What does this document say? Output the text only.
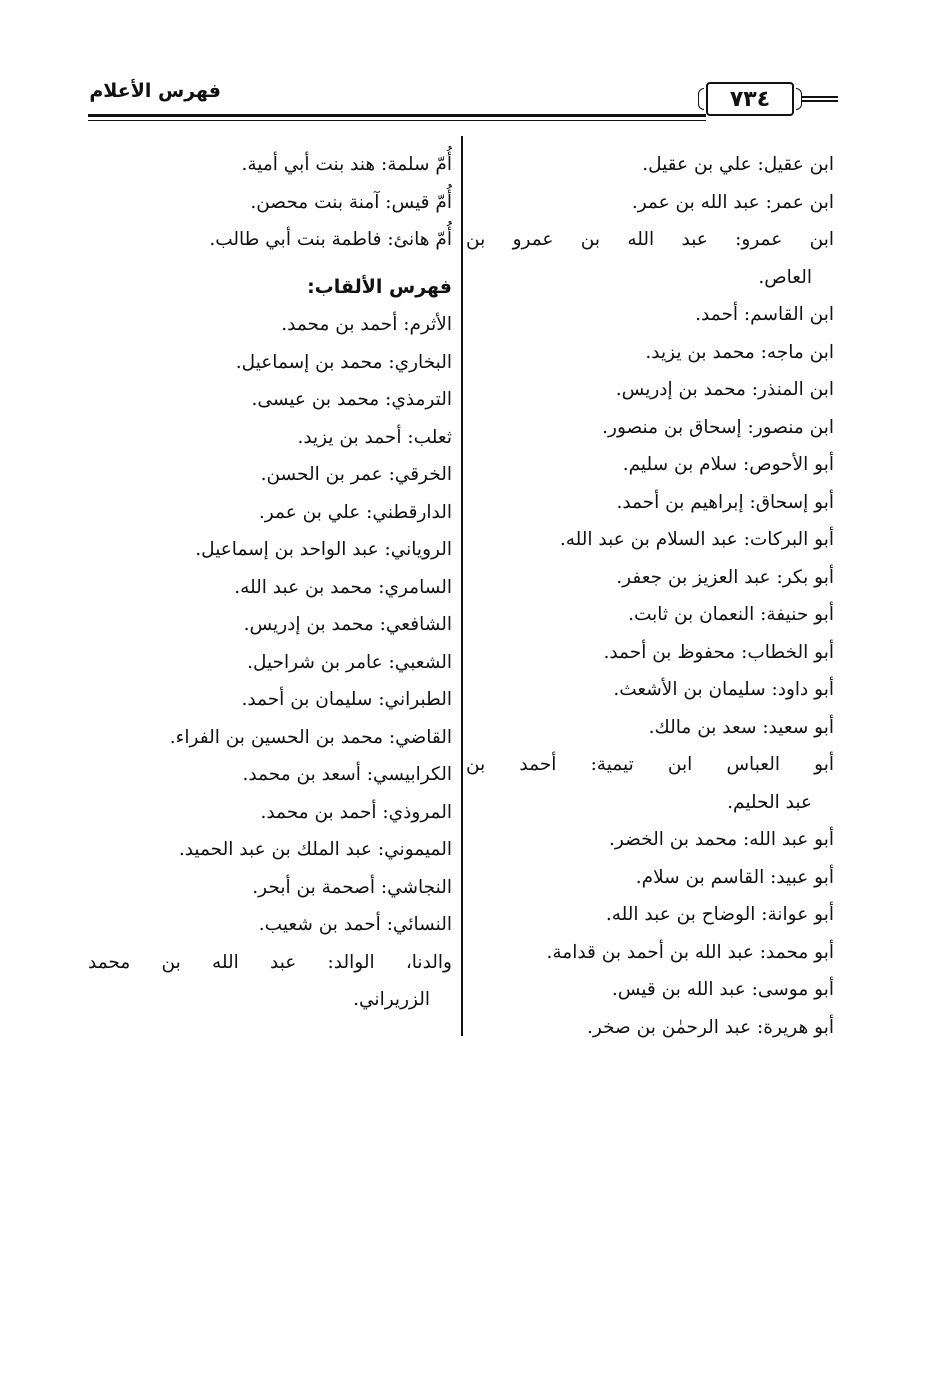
فهرس الأعلام	٧٣٤
ابن عقيل: علي بن عقيل.
ابن عمر: عبد الله بن عمر.
ابن عمرو: عبد الله بن عمرو بن
العاص.
ابن القاسم: أحمد.
ابن ماجه: محمد بن يزيد.
ابن المنذر: محمد بن إدريس.
ابن منصور: إسحاق بن منصور.
أبو الأحوص: سلام بن سليم.
أبو إسحاق: إبراهيم بن أحمد.
أبو البركات: عبد السلام بن عبد الله.
أبو بكر: عبد العزيز بن جعفر.
أبو حنيفة: النعمان بن ثابت.
أبو الخطاب: محفوظ بن أحمد.
أبو داود: سليمان بن الأشعث.
أبو سعيد: سعد بن مالك.
أبو العباس ابن تيمية: أحمد بن
عبد الحليم.
أبو عبد الله: محمد بن الخضر.
أبو عبيد: القاسم بن سلام.
أبو عوانة: الوضاح بن عبد الله.
أبو محمد: عبد الله بن أحمد بن قدامة.
أبو موسى: عبد الله بن قيس.
أبو هريرة: عبد الرحمٰن بن صخر.
أُمّ سلمة: هند بنت أبي أمية.
أُمّ قيس: آمنة بنت محصن.
أُمّ هانئ: فاطمة بنت أبي طالب.
فهرس الألقاب:
الأثرم: أحمد بن محمد.
البخاري: محمد بن إسماعيل.
الترمذي: محمد بن عيسى.
ثعلب: أحمد بن يزيد.
الخرقي: عمر بن الحسن.
الدارقطني: علي بن عمر.
الروياني: عبد الواحد بن إسماعيل.
السامري: محمد بن عبد الله.
الشافعي: محمد بن إدريس.
الشعبي: عامر بن شراحيل.
الطبراني: سليمان بن أحمد.
القاضي: محمد بن الحسين بن الفراء.
الكرابيسي: أسعد بن محمد.
المروذي: أحمد بن محمد.
الميموني: عبد الملك بن عبد الحميد.
النجاشي: أصحمة بن أبحر.
النسائي: أحمد بن شعيب.
والدنا، الوالد: عبد الله بن محمد
الزريراني.
